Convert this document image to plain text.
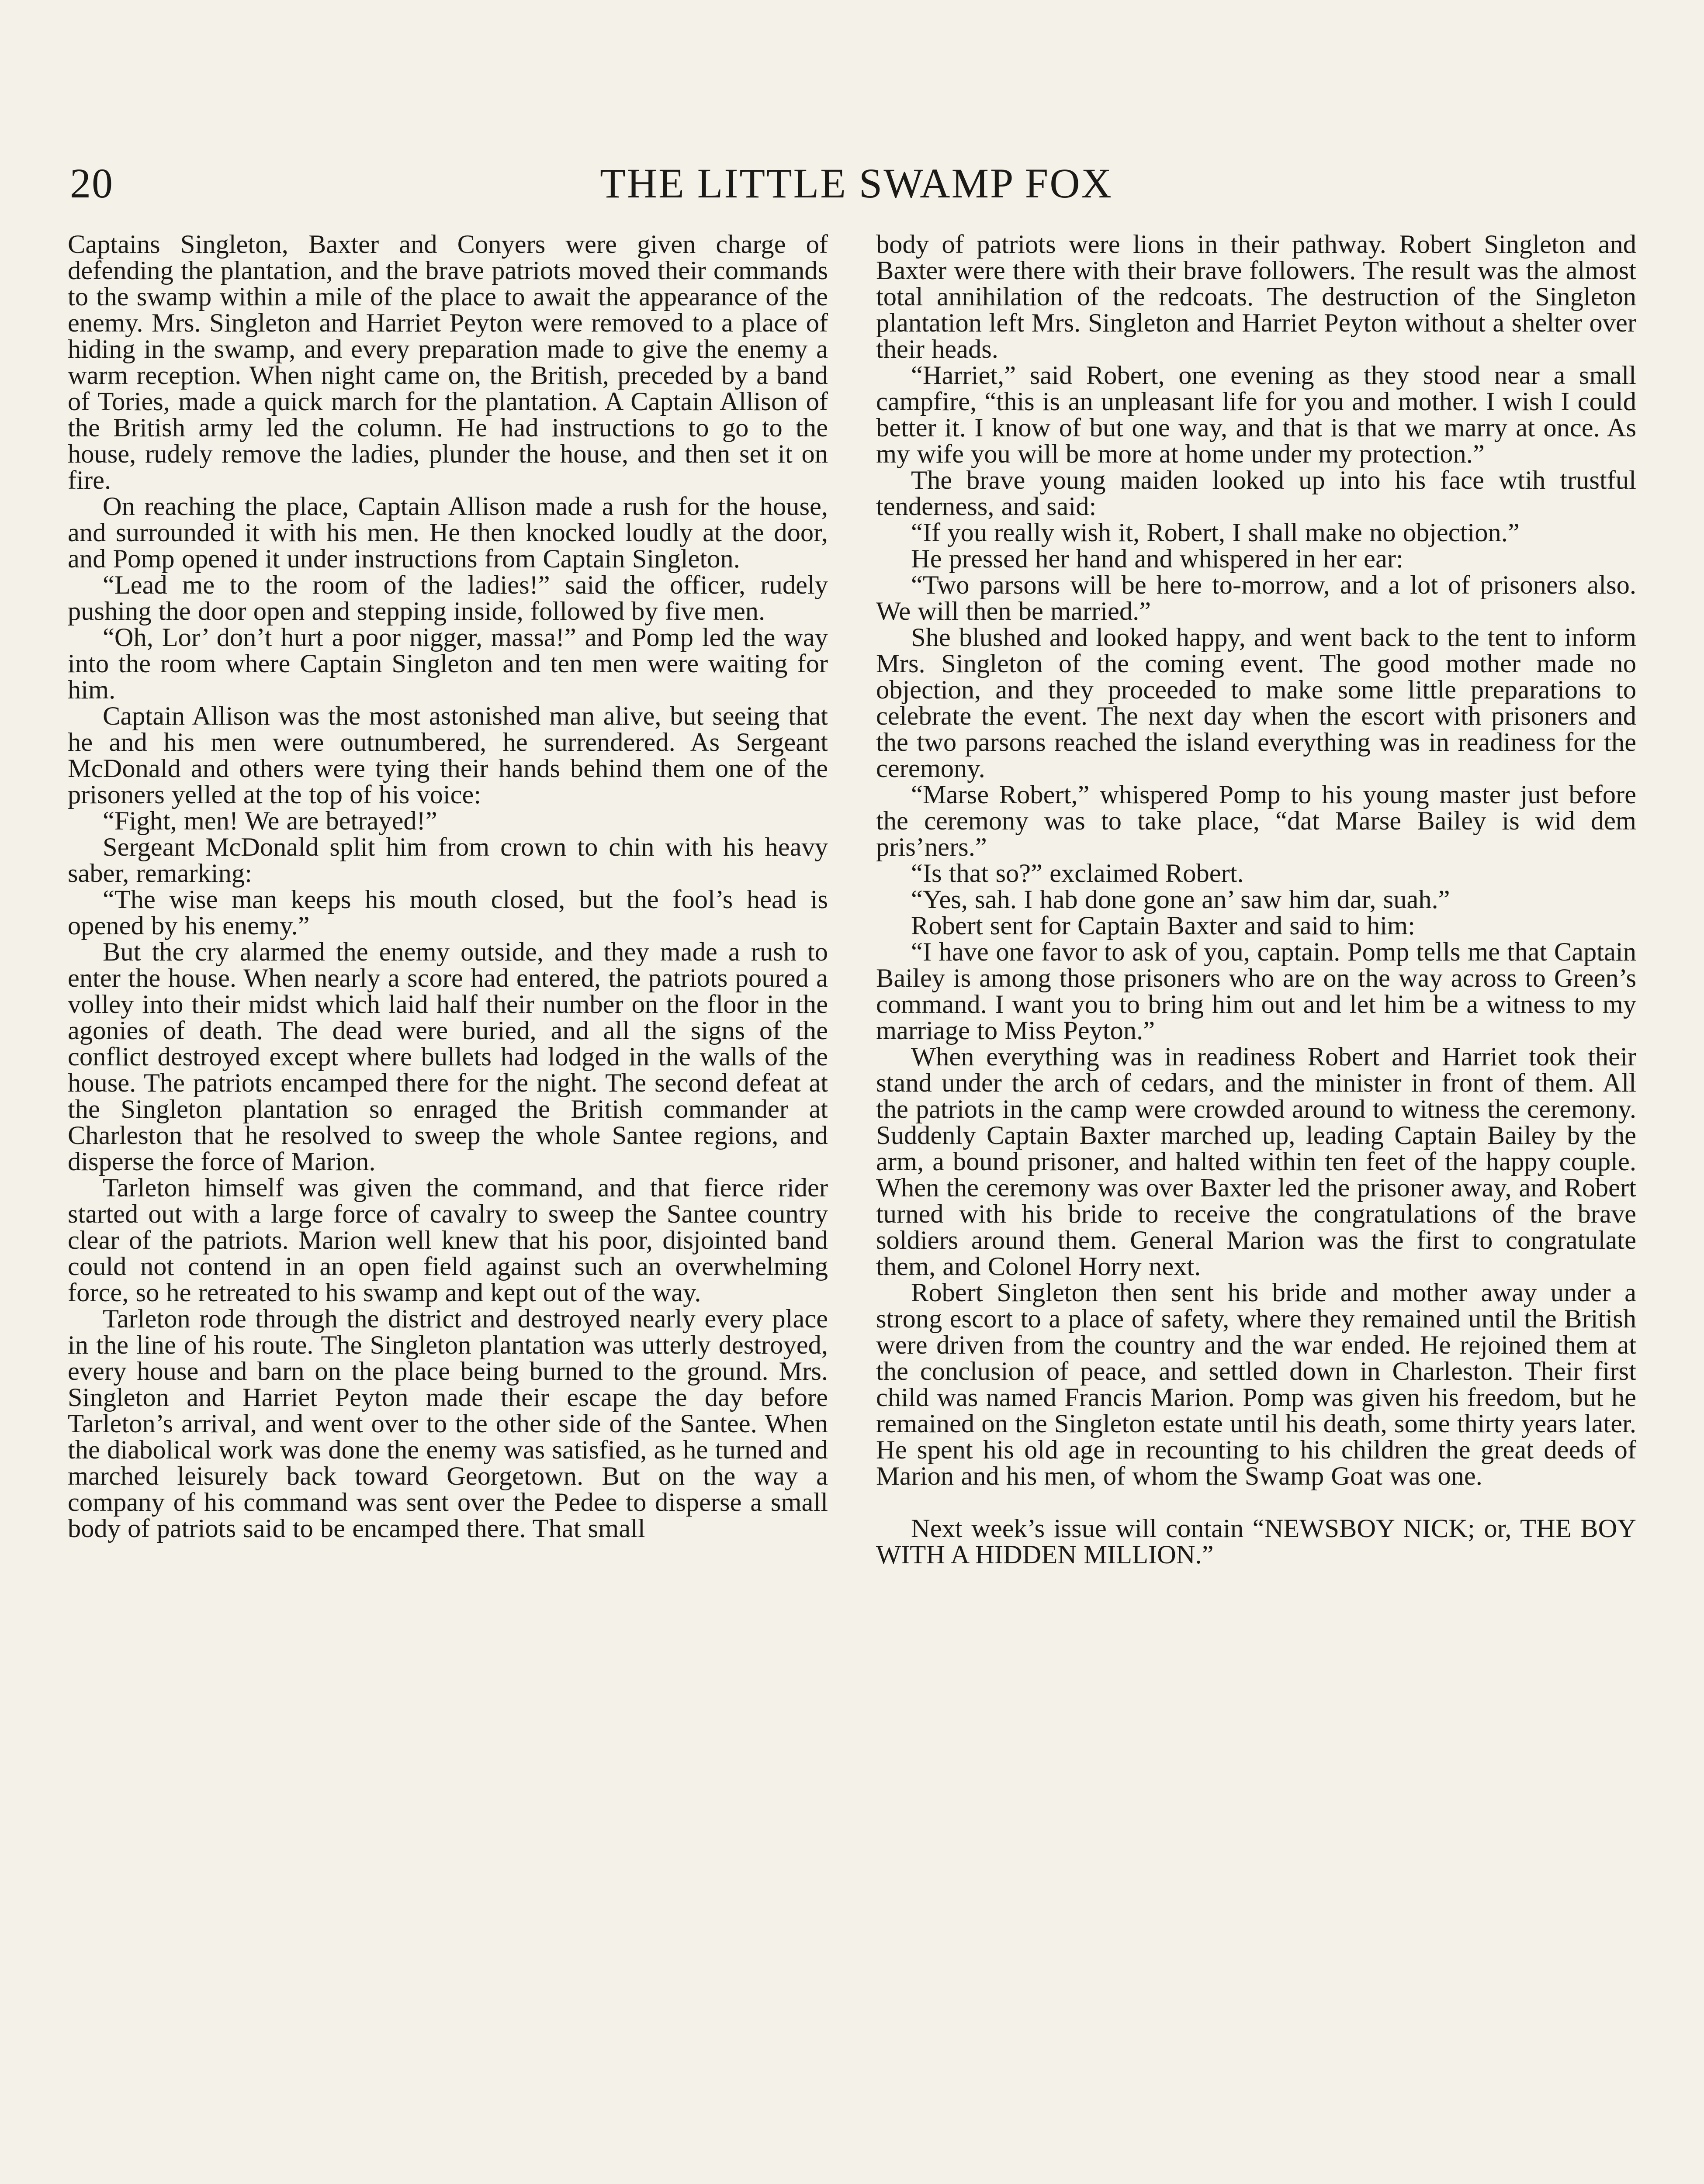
20	THE LITTLE SWAMP FOX

Captains Singleton, Baxter and Conyers were given charge of defending the plantation, and the brave patriots moved their commands to the swamp within a mile of the place to await the appearance of the enemy. Mrs. Singleton and Harriet Peyton were removed to a place of hiding in the swamp, and every preparation made to give the enemy a warm reception. When night came on, the British, preceded by a band of Tories, made a quick march for the plantation. A Captain Allison of the British army led the column. He had instructions to go to the house, rudely remove the ladies, plunder the house, and then set it on fire.

On reaching the place, Captain Allison made a rush for the house, and surrounded it with his men. He then knocked loudly at the door, and Pomp opened it under instructions from Captain Singleton.

“Lead me to the room of the ladies!” said the officer, rudely pushing the door open and stepping inside, followed by five men.

“Oh, Lor’ don’t hurt a poor nigger, massa!” and Pomp led the way into the room where Captain Singleton and ten men were waiting for him.

Captain Allison was the most astonished man alive, but seeing that he and his men were outnumbered, he surrendered. As Sergeant McDonald and others were tying their hands behind them one of the prisoners yelled at the top of his voice:

“Fight, men! We are betrayed!”

Sergeant McDonald split him from crown to chin with his heavy saber, remarking:

“The wise man keeps his mouth closed, but the fool’s head is opened by his enemy.”

But the cry alarmed the enemy outside, and they made a rush to enter the house. When nearly a score had entered, the patriots poured a volley into their midst which laid half their number on the floor in the agonies of death. The dead were buried, and all the signs of the conflict destroyed except where bullets had lodged in the walls of the house. The patriots encamped there for the night. The second defeat at the Singleton plantation so enraged the British commander at Charleston that he resolved to sweep the whole Santee regions, and disperse the force of Marion.

Tarleton himself was given the command, and that fierce rider started out with a large force of cavalry to sweep the Santee country clear of the patriots. Marion well knew that his poor, disjointed band could not contend in an open field against such an overwhelming force, so he retreated to his swamp and kept out of the way.

Tarleton rode through the district and destroyed nearly every place in the line of his route. The Singleton plantation was utterly destroyed, every house and barn on the place being burned to the ground. Mrs. Singleton and Harriet Peyton made their escape the day before Tarleton’s arrival, and went over to the other side of the Santee. When the diabolical work was done the enemy was satisfied, as he turned and marched leisurely back toward Georgetown. But on the way a company of his command was sent over the Pedee to disperse a small body of patriots said to be encamped there. That small

body of patriots were lions in their pathway. Robert Singleton and Baxter were there with their brave followers. The result was the almost total annihilation of the redcoats. The destruction of the Singleton plantation left Mrs. Singleton and Harriet Peyton without a shelter over their heads.

“Harriet,” said Robert, one evening as they stood near a small campfire, “this is an unpleasant life for you and mother. I wish I could better it. I know of but one way, and that is that we marry at once. As my wife you will be more at home under my protection.”

The brave young maiden looked up into his face wtih trustful tenderness, and said:

“If you really wish it, Robert, I shall make no objection.”

He pressed her hand and whispered in her ear:

“Two parsons will be here to-morrow, and a lot of prisoners also. We will then be married.”

She blushed and looked happy, and went back to the tent to inform Mrs. Singleton of the coming event. The good mother made no objection, and they proceeded to make some little preparations to celebrate the event. The next day when the escort with prisoners and the two parsons reached the island everything was in readiness for the ceremony.

“Marse Robert,” whispered Pomp to his young master just before the ceremony was to take place, “dat Marse Bailey is wid dem pris’ners.”

“Is that so?” exclaimed Robert.

“Yes, sah. I hab done gone an’ saw him dar, suah.”

Robert sent for Captain Baxter and said to him:

“I have one favor to ask of you, captain. Pomp tells me that Captain Bailey is among those prisoners who are on the way across to Green’s command. I want you to bring him out and let him be a witness to my marriage to Miss Peyton.”

When everything was in readiness Robert and Harriet took their stand under the arch of cedars, and the minister in front of them. All the patriots in the camp were crowded around to witness the ceremony. Suddenly Captain Baxter marched up, leading Captain Bailey by the arm, a bound prisoner, and halted within ten feet of the happy couple. When the ceremony was over Baxter led the prisoner away, and Robert turned with his bride to receive the congratulations of the brave soldiers around them. General Marion was the first to congratulate them, and Colonel Horry next.

Robert Singleton then sent his bride and mother away under a strong escort to a place of safety, where they remained until the British were driven from the country and the war ended. He rejoined them at the conclusion of peace, and settled down in Charleston. Their first child was named Francis Marion. Pomp was given his freedom, but he remained on the Singleton estate until his death, some thirty years later. He spent his old age in recounting to his children the great deeds of Marion and his men, of whom the Swamp Goat was one.

Next week’s issue will contain “NEWSBOY NICK; or, THE BOY WITH A HIDDEN MILLION.”
